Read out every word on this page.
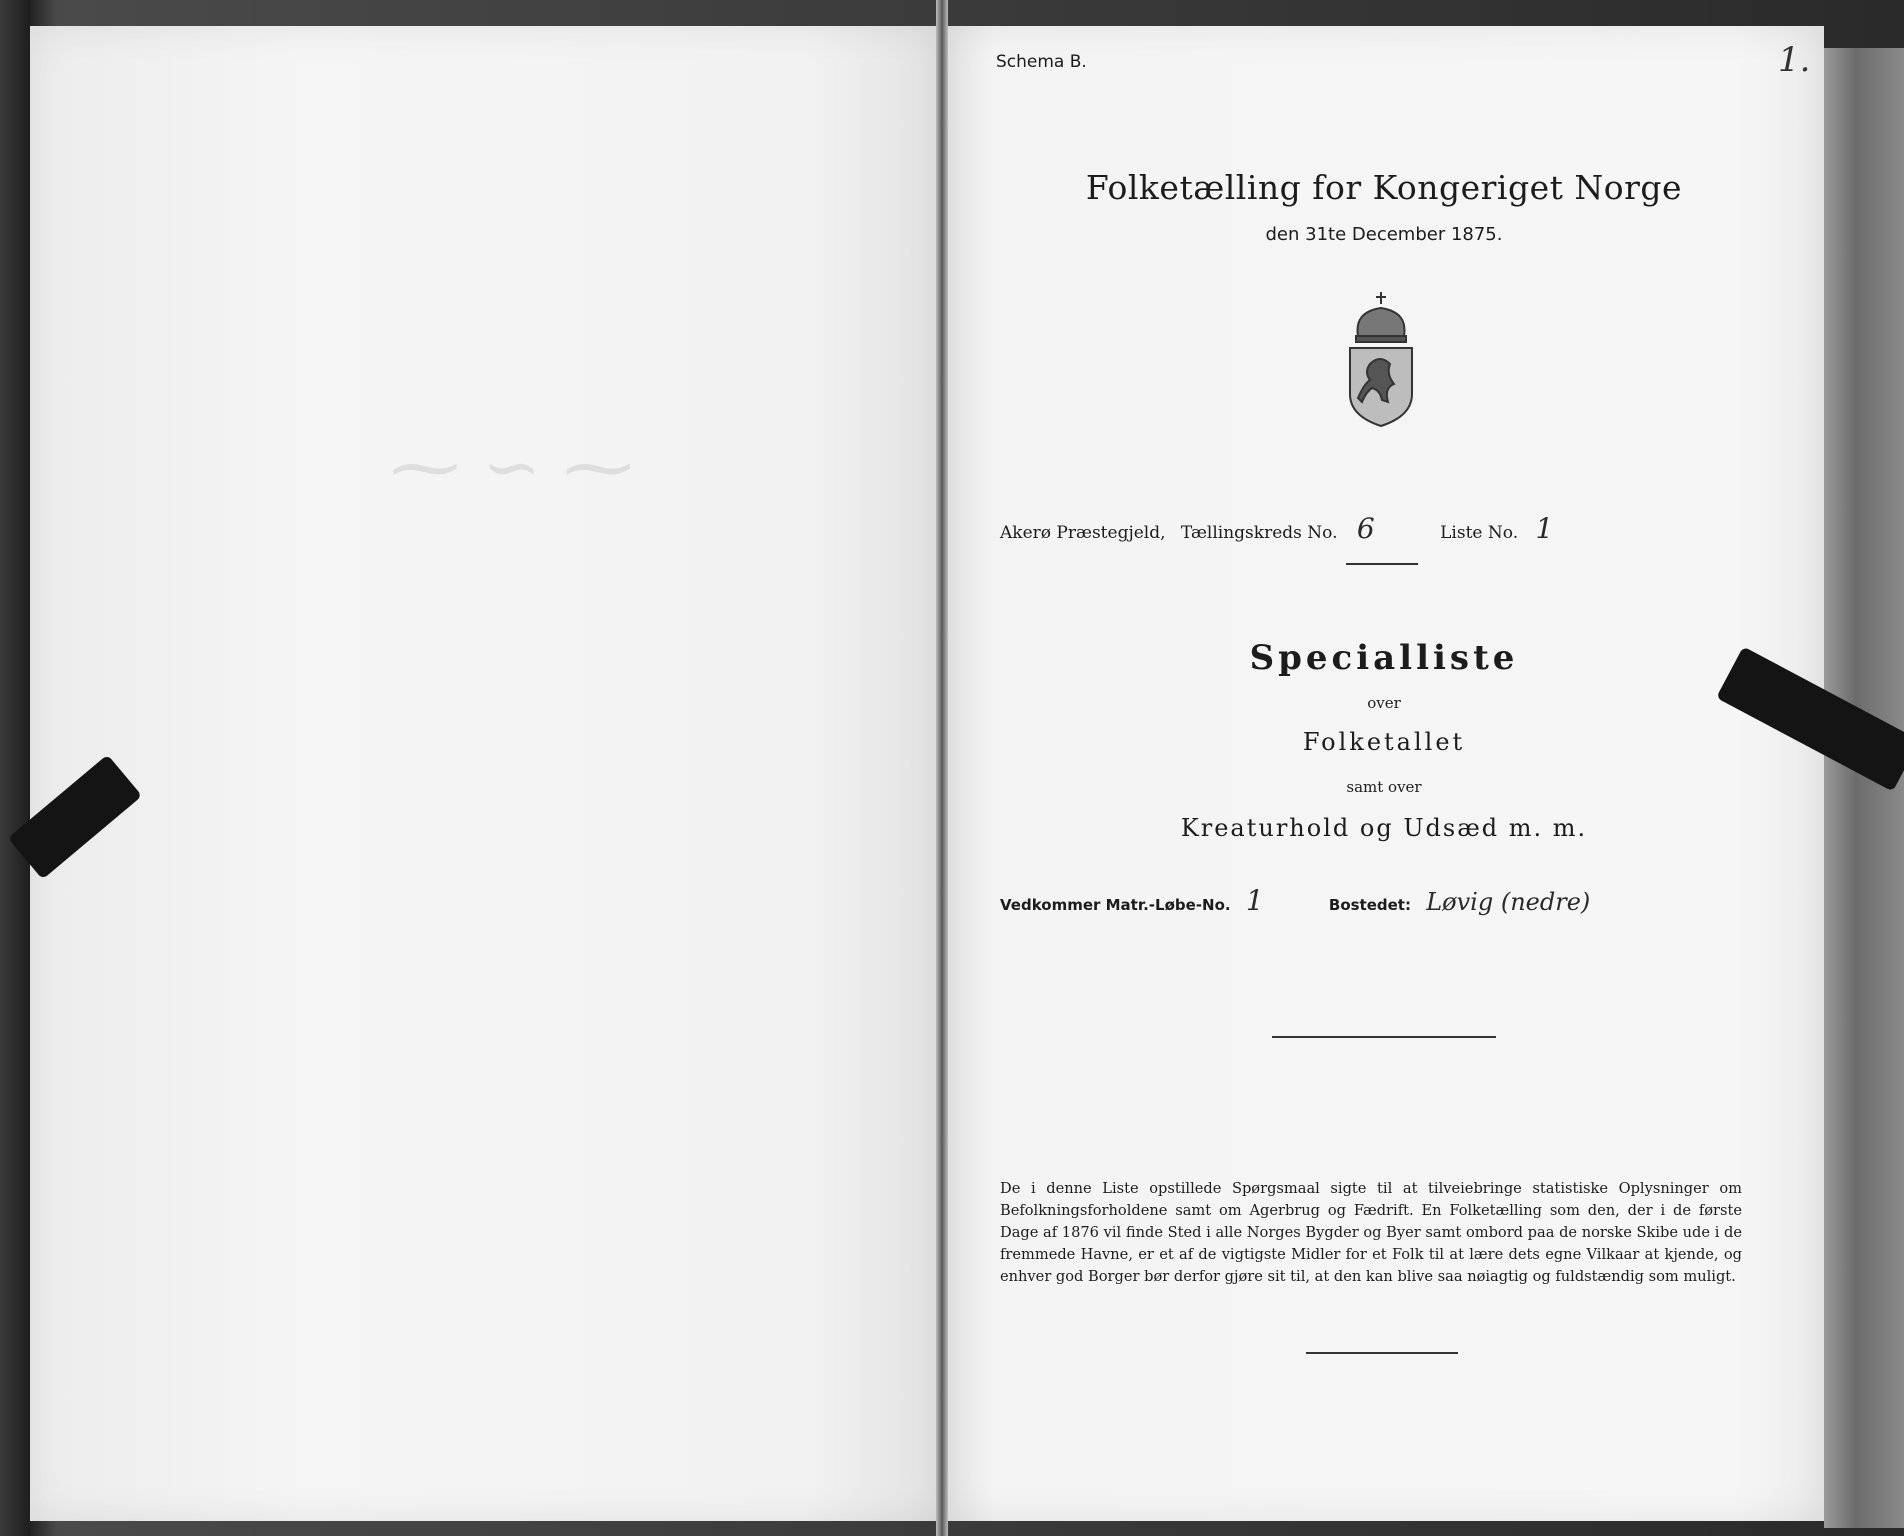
⁓ ∽ ⁓
Schema B.	1.
Folketælling for Kongeriget Norge
den 31te December 1875.
Akerø Præstegjeld, Tællingskreds No. 6	Liste No. 1
Specialliste
over
Folketallet
samt over
Kreaturhold og Udsæd m. m.
Vedkommer Matr.-Løbe-No. 1	Bostedet: Løvig (nedre)
De i denne Liste opstillede Spørgsmaal sigte til at tilveiebringe statistiske Oplysninger om Befolkningsforholdene samt om Agerbrug og Fædrift. En Folketælling som den, der i de første Dage af 1876 vil finde Sted i alle Norges Bygder og Byer samt ombord paa de norske Skibe ude i de fremmede Havne, er et af de vigtigste Midler for et Folk til at lære dets egne Vilkaar at kjende, og enhver god Borger bør derfor gjøre sit til, at den kan blive saa nøiagtig og fuldstændig som muligt.
